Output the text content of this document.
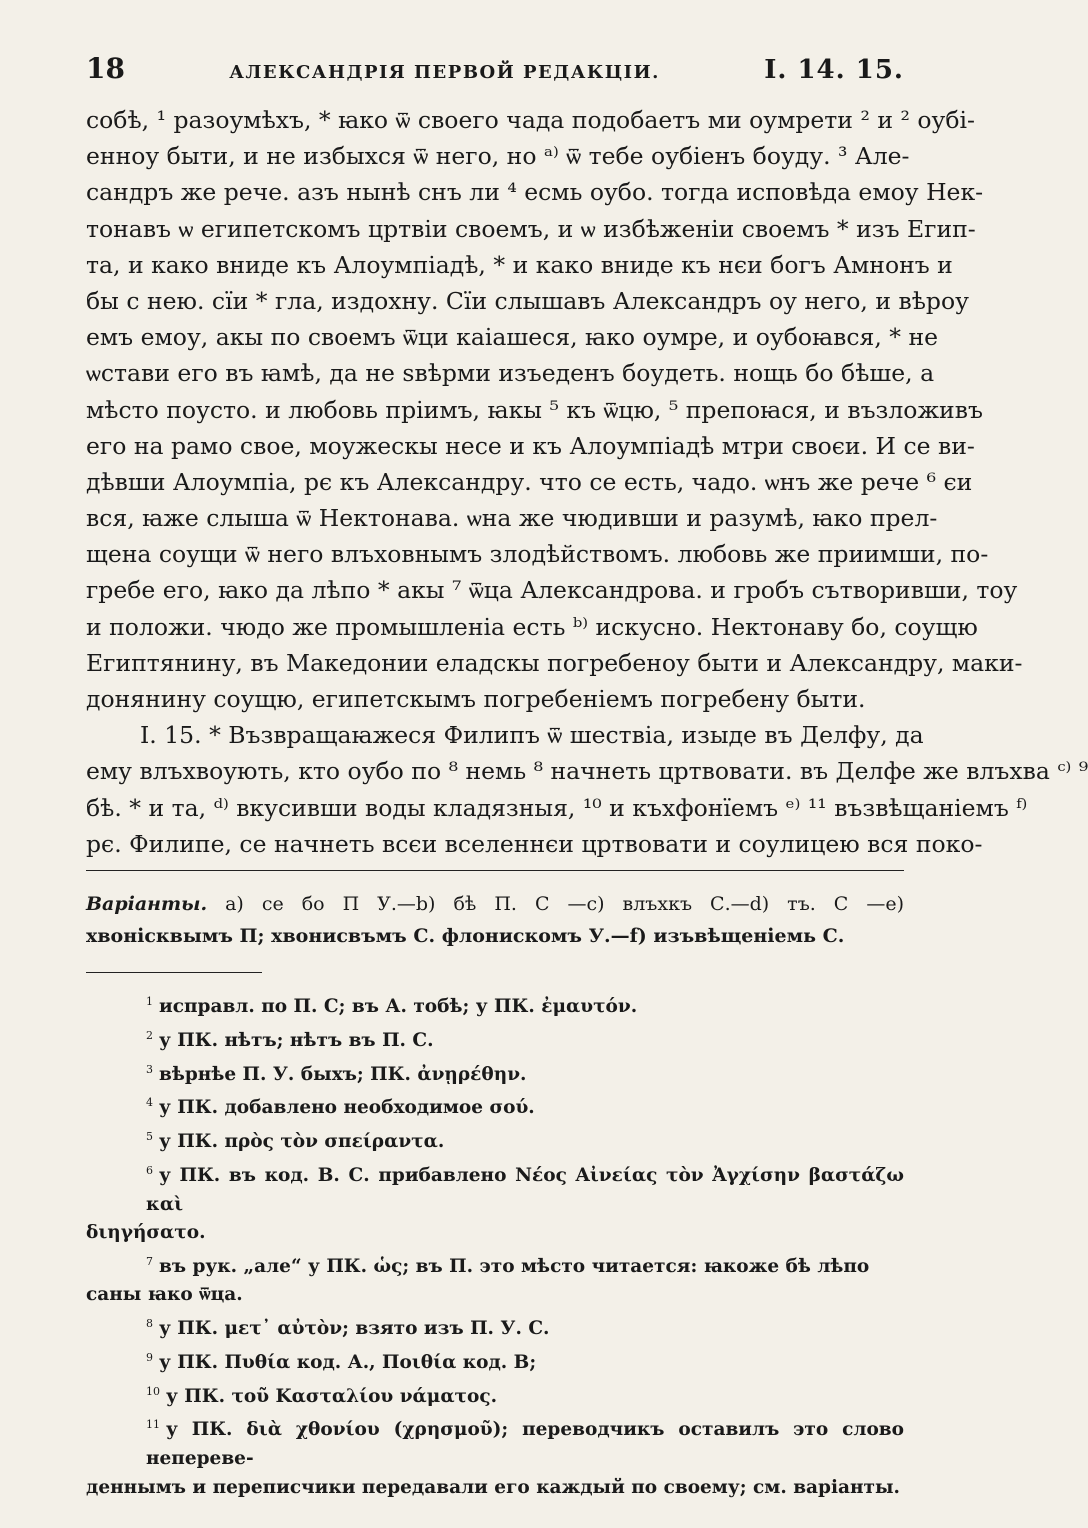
18	АЛЕКСАНДРІЯ ПЕРВОЙ РЕДАКЦІИ.	I. 14. 15.
собѣ, ¹ разоумѣхъ, * ꙗко ѿ своего чада подобаетъ ми оумрети ² и ² оубі-
енноу быти, и не избыхся ѿ него, но ᵃ⁾ ѿ тебе оубіенъ боуду. ³ Але-
сандръ же рече. азъ нынѣ снъ ли ⁴ есмь оубо. тогда исповѣда емоу Нек-
тонавъ ѡ египетскомъ цртвіи своемъ, и ѡ избѣженіи своемъ * изъ Егип-
та, и како вниде къ Алоумпіадѣ, * и како вниде къ нєи богъ Амнонъ и
бы с нею. сїи * гла, издохну. Сїи слышавъ Александръ оу него, и вѣроу
емъ емоу, акы по своемъ ѿци каіашеся, ꙗко оумре, и оубоꙗвся, * не
ѡстави его въ ꙗмѣ, да не ѕвѣрми изъеденъ боудеть. нощь бо бѣше, а
мѣсто поусто. и любовь пріимъ, ꙗкы ⁵ къ ѿцю, ⁵ препоꙗся, и възложивъ
его на рамо свое, моужескы несе и къ Алоумпіадѣ мтри своєи. И се ви-
дѣвши Алоумпіа, рє къ Александру. что се есть, чадо. ѡнъ же рече ⁶ єи
вся, ꙗже слыша ѿ Нектонава. ѡна же чюдивши и разумѣ, ꙗко прел-
щена соущи ѿ него влъховнымъ злодѣйствомъ. любовь же приимши, по-
гребе его, ꙗко да лѣпо * акы ⁷ ѿца Александрова. и гробъ сътворивши, тоу
и положи. чюдо же промышленіа есть ᵇ⁾ искусно. Нектонаву бо, соущю
Египтянину, въ Македонии еладскы погребеноу быти и Александру, маки-
донянину соущю, египетскымъ погребеніемъ погребену быти.
I. 15. * Възвращаꙗжеся Филипъ ѿ шествіа, изыде въ Делфу, да
ему влъхвоують, кто оубо по ⁸ немь ⁸ начнеть цртвовати. въ Делфе же влъхва ᶜ⁾ ⁹
бѣ. * и та, ᵈ⁾ вкусивши воды кладязныя, ¹⁰ и къхфонїемъ ᵉ⁾ ¹¹ възвѣщаніемъ ᶠ⁾
рє. Филипе, се начнеть всєи вселеннєи цртвовати и соулицею вся поко-
Варіанты. а) се бо П У.—b) бѣ П. С —c) влъхкъ С.—d) тъ. С —e)
хвонісквымъ П; хвонисвъмъ С. флонискомъ У.—f) изъвѣщеніемь С.
$^1$ исправл. по П. С; въ А. тобѣ; у ПК. ἐμαυτόν.
$^2$ у ПК. нѣтъ; нѣтъ въ П. С.
$^3$ вѣрнѣе П. У. быхъ; ПК. ἀνῃρέθην.
$^4$ у ПК. добавлено необходимое σού.
$^5$ у ПК. πρὸς τὸν σπείραντα.
$^6$ у ПК. въ код. В. С. прибавлено Νέος Αἰνείας τὸν Ἀγχίσην βαστάζω καὶ
διηγήσατο.
$^7$ въ рук. „але“ у ПК. ὡς; въ П. это мѣсто читается: ꙗкоже бѣ лѣпо
саны ꙗко ѿца.
$^8$ у ПК. μετ᾽ αὐτὸν; взято изъ П. У. С.
$^9$ у ПК. Πυθία код. А., Ποιθία код. B;
$^{10}$ у ПК. τοῦ Κασταλίου νάματος.
$^{11}$ у ПК. διὰ χθονίου (χρησμοῦ); переводчикъ оставилъ это слово непереве-
деннымъ и переписчики передавали его каждый по своему; см. варіанты.
